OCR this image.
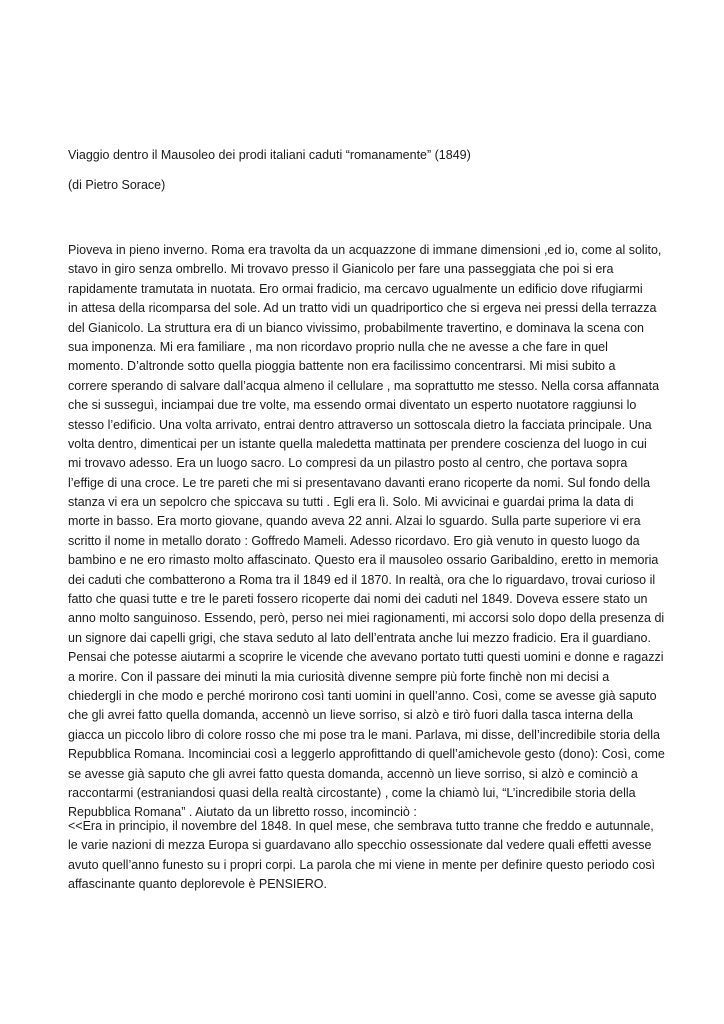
Viaggio dentro il Mausoleo dei prodi italiani caduti “romanamente” (1849)

(di Pietro Sorace)

Pioveva in pieno inverno. Roma era travolta da un acquazzone di immane dimensioni ,ed io, come al solito,

stavo in giro senza ombrello. Mi trovavo presso il Gianicolo per fare una passeggiata che poi si era

rapidamente tramutata in nuotata. Ero ormai fradicio, ma cercavo ugualmente un edificio dove rifugiarmi

in attesa della ricomparsa del sole. Ad un tratto vidi un quadriportico che si ergeva nei pressi della terrazza

del Gianicolo. La struttura era di un bianco vivissimo, probabilmente travertino, e dominava la scena con

sua imponenza. Mi era familiare , ma non ricordavo proprio nulla che ne avesse a che fare in quel

momento. D’altronde sotto quella pioggia battente non era facilissimo concentrarsi. Mi misi subito a

correre sperando di salvare dall’acqua almeno il cellulare , ma soprattutto me stesso. Nella corsa affannata

che si susseguì, inciampai due tre volte, ma essendo ormai diventato un esperto nuotatore raggiunsi lo

stesso l’edificio. Una volta arrivato, entrai dentro attraverso un sottoscala dietro la facciata principale. Una

volta dentro, dimenticai per un istante quella maledetta mattinata per prendere coscienza del luogo in cui

mi trovavo adesso. Era un luogo sacro. Lo compresi da un pilastro posto al centro, che portava sopra

l’effige di una croce. Le tre pareti che mi si presentavano davanti erano ricoperte da nomi. Sul fondo della

stanza vi era un sepolcro che spiccava su tutti . Egli era lì. Solo. Mi avvicinai e guardai prima la data di

morte in basso. Era morto giovane, quando aveva 22 anni. Alzai lo sguardo. Sulla parte superiore vi era

scritto il nome in metallo dorato : Goffredo Mameli. Adesso ricordavo. Ero già venuto in questo luogo da

bambino e ne ero rimasto molto affascinato. Questo era il mausoleo ossario Garibaldino, eretto in memoria

dei caduti che combatterono a Roma tra il 1849 ed il 1870. In realtà, ora che lo riguardavo, trovai curioso il

fatto che quasi tutte e tre le pareti fossero ricoperte dai nomi dei caduti nel 1849. Doveva essere stato un

anno molto sanguinoso. Essendo, però, perso nei miei ragionamenti, mi accorsi solo dopo della presenza di

un signore dai capelli grigi, che stava seduto al lato dell’entrata anche lui mezzo fradicio. Era il guardiano.

Pensai che potesse aiutarmi a scoprire le vicende che avevano portato tutti questi uomini e donne e ragazzi

a morire. Con il passare dei minuti la mia curiosità divenne sempre più forte finchè non mi decisi a

chiedergli in che modo e perché morirono così tanti uomini in quell’anno. Così, come se avesse già saputo

che gli avrei fatto quella domanda, accennò un lieve sorriso, si alzò e tirò fuori dalla tasca interna della

giacca un piccolo libro di colore rosso che mi pose tra le mani. Parlava, mi disse, dell’incredibile storia della

Repubblica Romana. Incominciai così a leggerlo approfittando di quell’amichevole gesto (dono): Così, come

se avesse già saputo che gli avrei fatto questa domanda, accennò un lieve sorriso, si alzò e cominciò a

raccontarmi (estraniandosi quasi della realtà circostante) , come la chiamò lui, “L’incredibile storia della

Repubblica Romana” . Aiutato da un libretto rosso, incominciò :

<<Era in principio, il novembre del 1848. In quel mese, che sembrava tutto tranne che freddo e autunnale,

le varie nazioni di mezza Europa si guardavano allo specchio ossessionate dal vedere quali effetti avesse

avuto quell’anno funesto su i propri corpi. La parola che mi viene in mente per definire questo periodo così

affascinante quanto deplorevole è PENSIERO.
